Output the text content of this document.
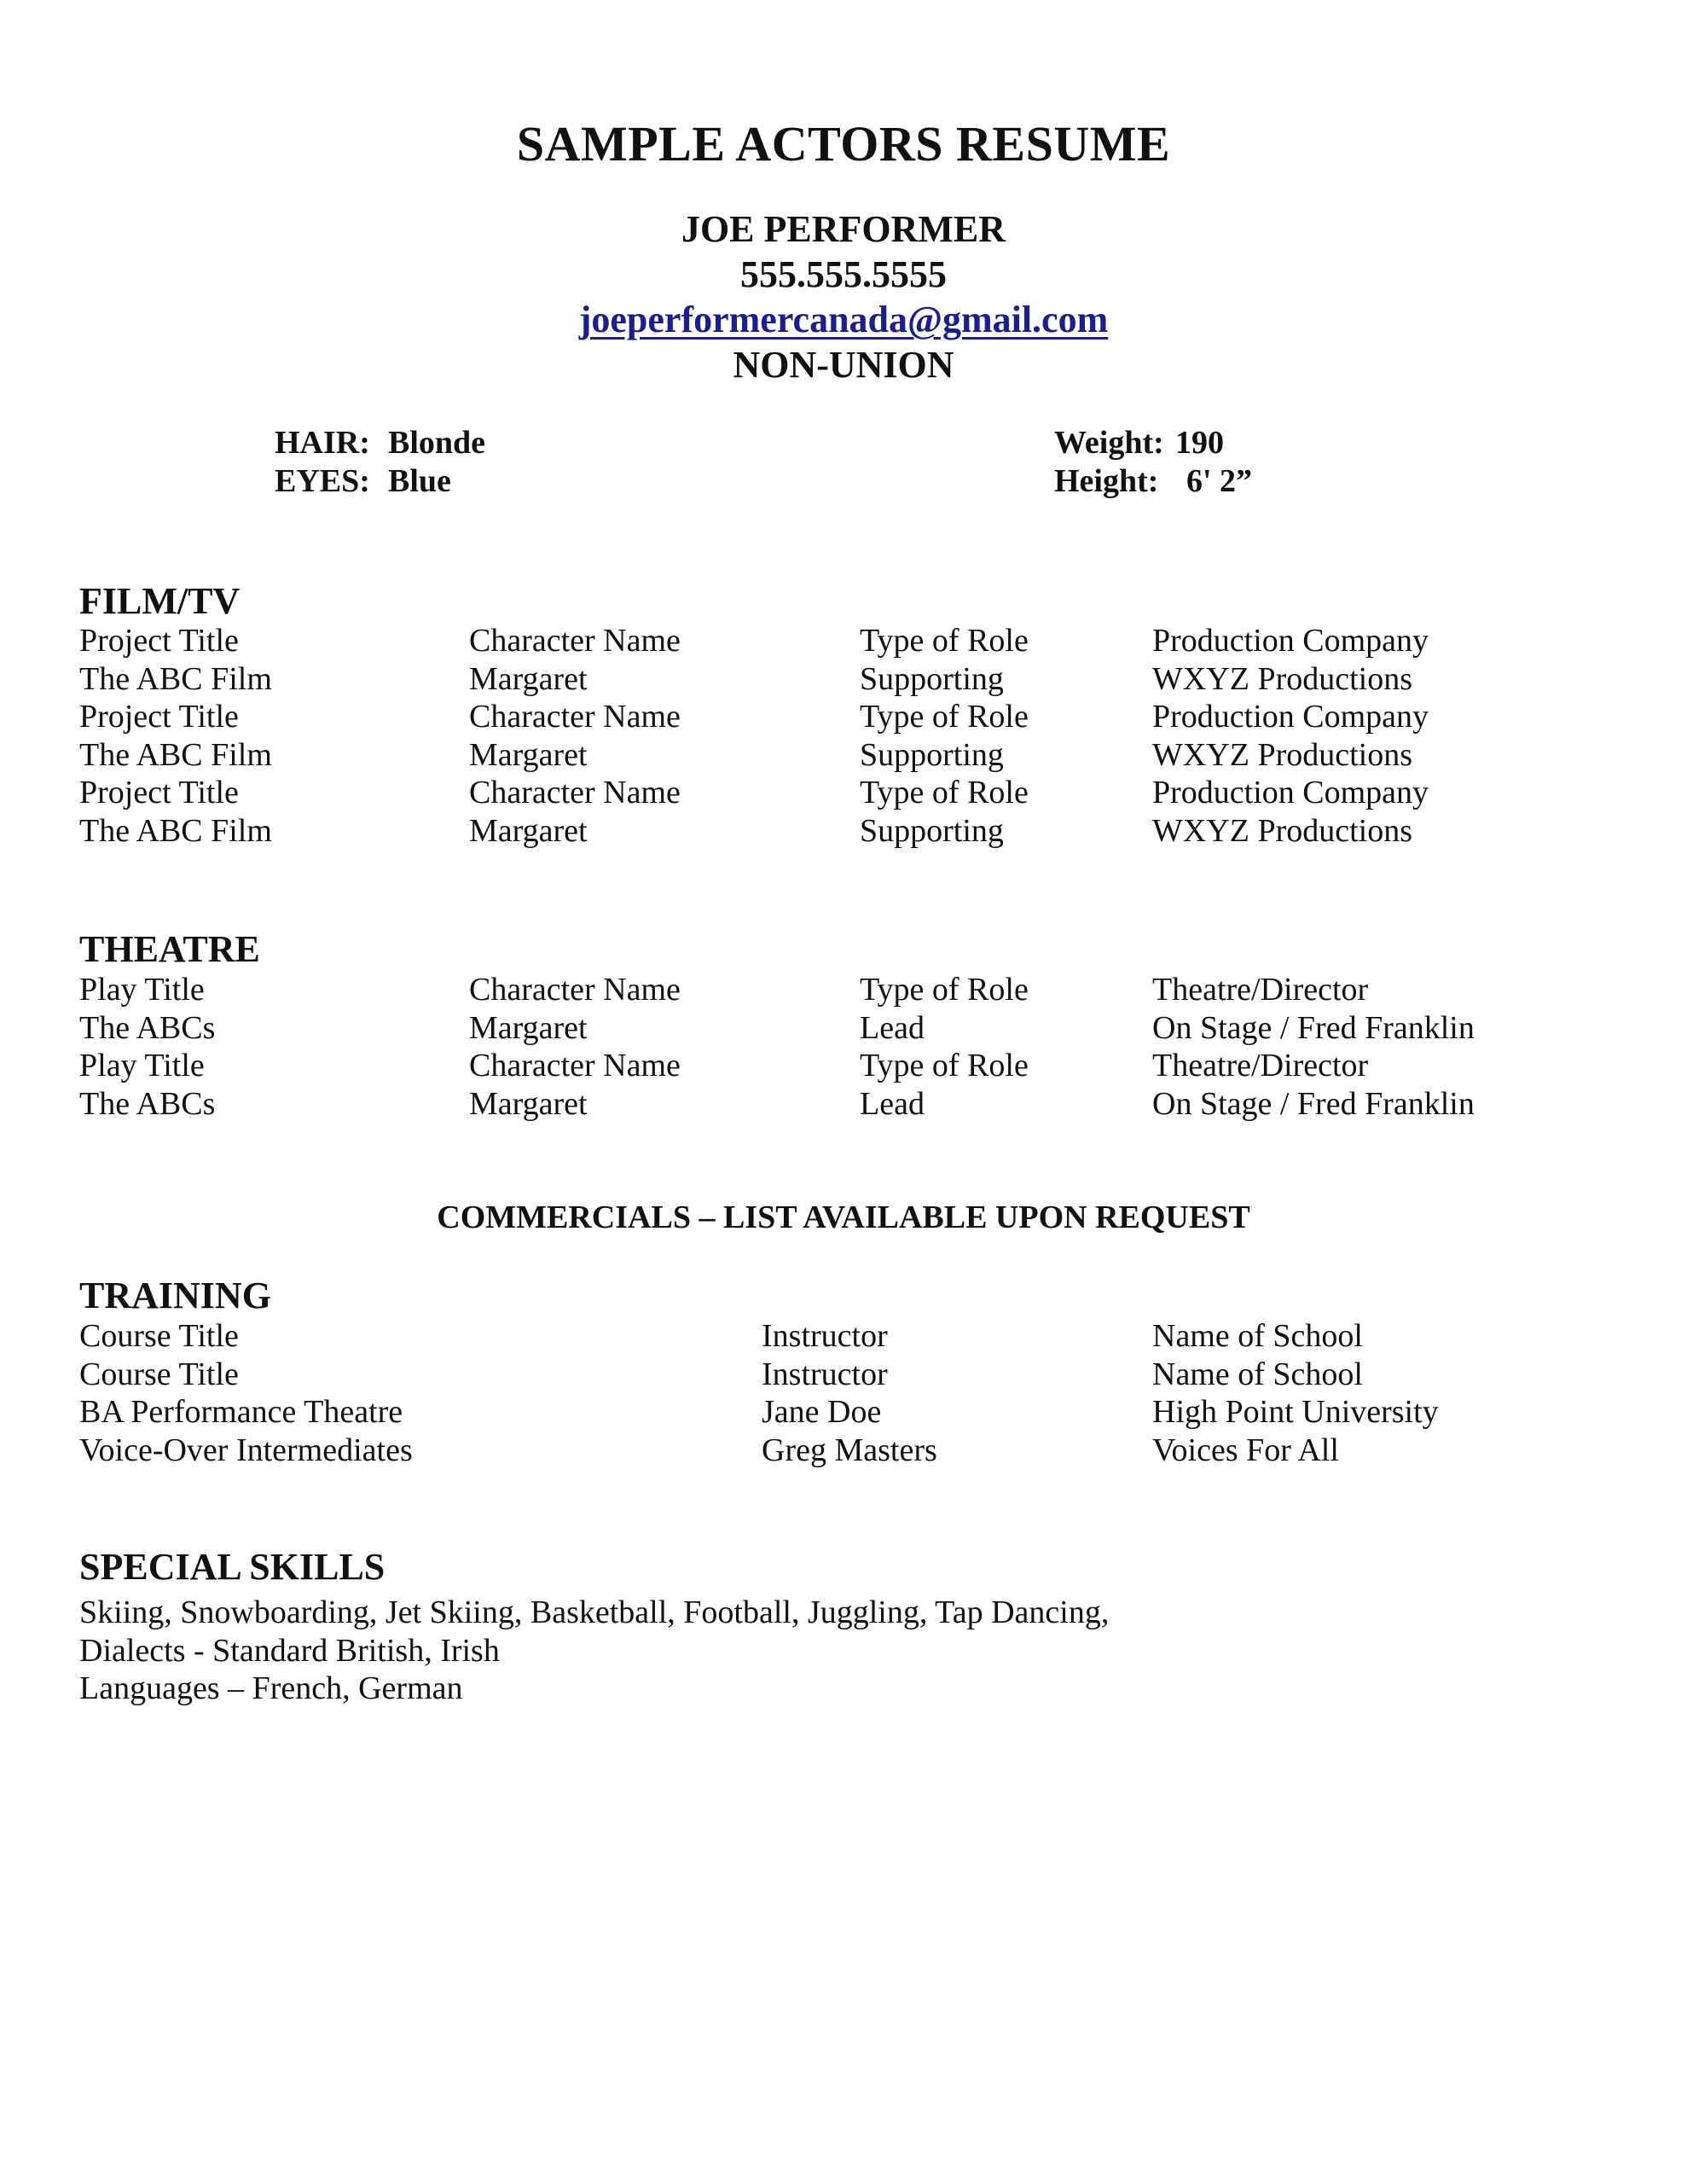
SAMPLE ACTORS RESUME
JOE PERFORMER
555.555.5555
joeperformercanada@gmail.com
NON-UNION
HAIR: Blonde
EYES: Blue
Weight: 190
Height: 6' 2”
FILM/TV
Project Title	Character Name	Type of Role	Production Company
The ABC Film	Margaret	Supporting	WXYZ Productions
Project Title	Character Name	Type of Role	Production Company
The ABC Film	Margaret	Supporting	WXYZ Productions
Project Title	Character Name	Type of Role	Production Company
The ABC Film	Margaret	Supporting	WXYZ Productions
THEATRE
Play Title	Character Name	Type of Role	Theatre/Director
The ABCs	Margaret	Lead	On Stage / Fred Franklin
Play Title	Character Name	Type of Role	Theatre/Director
The ABCs	Margaret	Lead	On Stage / Fred Franklin
COMMERCIALS – LIST AVAILABLE UPON REQUEST
TRAINING
Course Title	Instructor	Name of School
Course Title	Instructor	Name of School
BA Performance Theatre	Jane Doe	High Point University
Voice-Over Intermediates	Greg Masters	Voices For All
SPECIAL SKILLS
Skiing, Snowboarding, Jet Skiing, Basketball, Football, Juggling, Tap Dancing,
Dialects - Standard British, Irish
Languages – French, German
